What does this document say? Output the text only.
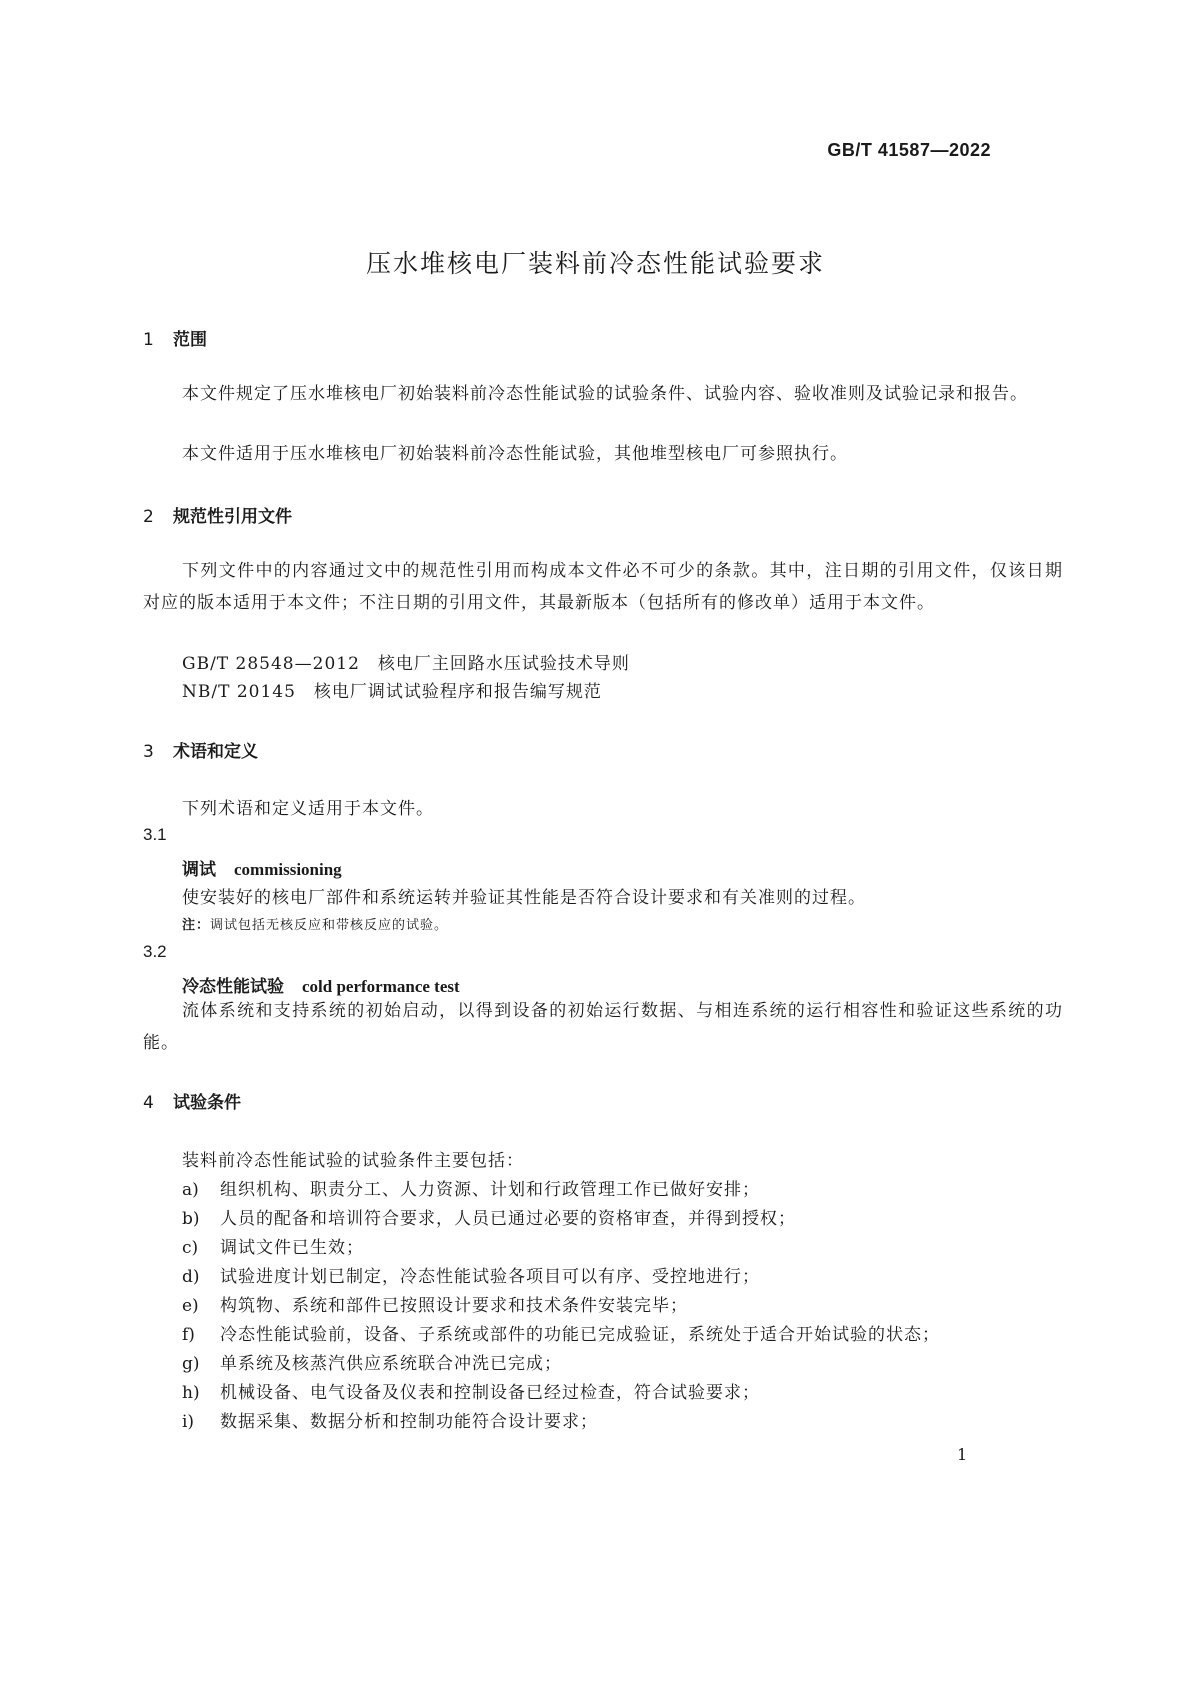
GB/T 41587—2022
压水堆核电厂装料前冷态性能试验要求
1 范围
本文件规定了压水堆核电厂初始装料前冷态性能试验的试验条件、试验内容、验收准则及试验记录和报告。
本文件适用于压水堆核电厂初始装料前冷态性能试验，其他堆型核电厂可参照执行。
2 规范性引用文件
下列文件中的内容通过文中的规范性引用而构成本文件必不可少的条款。其中，注日期的引用文件，仅该日期对应的版本适用于本文件；不注日期的引用文件，其最新版本（包括所有的修改单）适用于本文件。
GB/T 28548—2012 核电厂主回路水压试验技术导则
NB/T 20145 核电厂调试试验程序和报告编写规范
3 术语和定义
下列术语和定义适用于本文件。
3.1
调试 commissioning
使安装好的核电厂部件和系统运转并验证其性能是否符合设计要求和有关准则的过程。
注：调试包括无核反应和带核反应的试验。
3.2
冷态性能试验 cold performance test
流体系统和支持系统的初始启动，以得到设备的初始运行数据、与相连系统的运行相容性和验证这些系统的功能。
4 试验条件
装料前冷态性能试验的试验条件主要包括：
a) 组织机构、职责分工、人力资源、计划和行政管理工作已做好安排；
b) 人员的配备和培训符合要求，人员已通过必要的资格审查，并得到授权；
c) 调试文件已生效；
d) 试验进度计划已制定，冷态性能试验各项目可以有序、受控地进行；
e) 构筑物、系统和部件已按照设计要求和技术条件安装完毕；
f) 冷态性能试验前，设备、子系统或部件的功能已完成验证，系统处于适合开始试验的状态；
g) 单系统及核蒸汽供应系统联合冲洗已完成；
h) 机械设备、电气设备及仪表和控制设备已经过检查，符合试验要求；
i) 数据采集、数据分析和控制功能符合设计要求；
1
